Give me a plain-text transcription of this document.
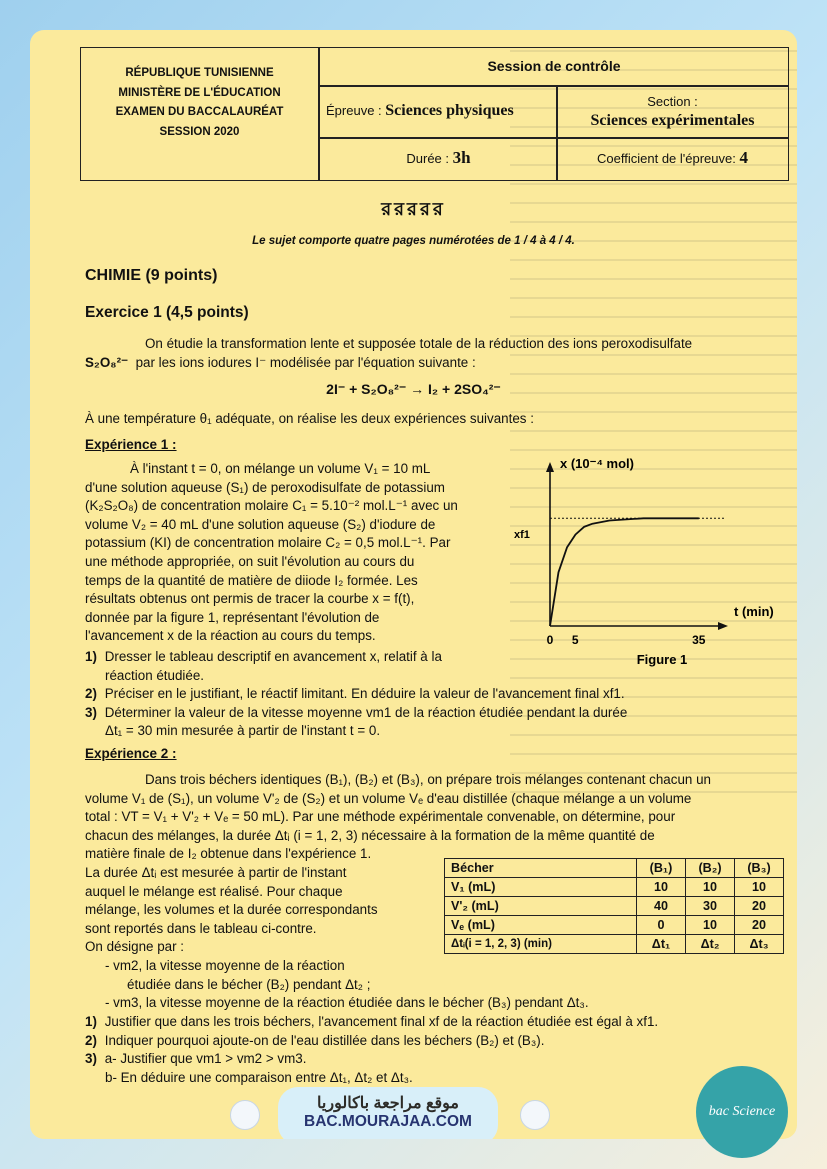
RÉPUBLIQUE TUNISIENNE
MINISTÈRE DE L'ÉDUCATION
EXAMEN DU BACCALAURÉAT
SESSION 2020
Session de contrôle
Épreuve : Sciences physiques
Section :
Sciences expérimentales
Durée : 3h	Coefficient de l'épreuve: 4
ররররর
Le sujet comporte quatre pages numérotées de 1 / 4 à 4 / 4.
CHIMIE (9 points)
Exercice 1 (4,5 points)

On étudie la transformation lente et supposée totale de la réduction des ions peroxodisulfate

S₂O₈²⁻ par les ions iodures I⁻ modélisée par l'équation suivante :

2I⁻ + S₂O₈²⁻ → I₂ + 2SO₄²⁻
À une température θ₁ adéquate, on réalise les deux expériences suivantes :
Expérience 1 :

À l'instant t = 0, on mélange un volume V₁ = 10 mL

d'une solution aqueuse (S₁) de peroxodisulfate de potassium

(K₂S₂O₈) de concentration molaire C₁ = 5.10⁻² mol.L⁻¹ avec un

volume V₂ = 40 mL d'une solution aqueuse (S₂) d'iodure de

potassium (KI) de concentration molaire C₂ = 0,5 mol.L⁻¹. Par

une méthode appropriée, on suit l'évolution au cours du

temps de la quantité de matière de diiode I₂ formée. Les

résultats obtenus ont permis de tracer la courbe x = f(t),

donnée par la figure 1, représentant l'évolution de

l'avancement x de la réaction au cours du temps.

x (10⁻⁴ mol)
t (min)
xf1
0 5	35
Figure 1

1) Dresser le tableau descriptif en avancement x, relatif à la

réaction étudiée.

2) Préciser en le justifiant, le réactif limitant. En déduire la valeur de l'avancement final xf1.

3) Déterminer la valeur de la vitesse moyenne vm1 de la réaction étudiée pendant la durée

Δt₁ = 30 min mesurée à partir de l'instant t = 0.

Expérience 2 :

Dans trois béchers identiques (B₁), (B₂) et (B₃), on prépare trois mélanges contenant chacun un

volume V₁ de (S₁), un volume V'₂ de (S₂) et un volume Vₑ d'eau distillée (chaque mélange a un volume

total : VT = V₁ + V'₂ + Vₑ = 50 mL). Par une méthode expérimentale convenable, on détermine, pour

chacun des mélanges, la durée Δtᵢ (i = 1, 2, 3) nécessaire à la formation de la même quantité de

matière finale de I₂ obtenue dans l'expérience 1.

La durée Δtᵢ est mesurée à partir de l'instant

auquel le mélange est réalisé. Pour chaque

mélange, les volumes et la durée correspondants

sont reportés dans le tableau ci-contre.

On désigne par :

Bécher	(B₁)	(B₂)	(B₃)
V₁ (mL)	10	10	10
V'₂ (mL)	40	30	20
Vₑ (mL)	0	10	20
Δtᵢ(i = 1, 2, 3) (min)	Δt₁	Δt₂	Δt₃

- vm2, la vitesse moyenne de la réaction

étudiée dans le bécher (B₂) pendant Δt₂ ;

- vm3, la vitesse moyenne de la réaction étudiée dans le bécher (B₃) pendant Δt₃.

1) Justifier que dans les trois béchers, l'avancement final xf de la réaction étudiée est égal à xf1.

2) Indiquer pourquoi ajoute-on de l'eau distillée dans les béchers (B₂) et (B₃).

3) a- Justifier que vm1 > vm2 > vm3.

b- En déduire une comparaison entre Δt₁, Δt₂ et Δt₃.

موقع مراجعة باكالوريا
BAC.MOURAJAA.COM
bac Science
